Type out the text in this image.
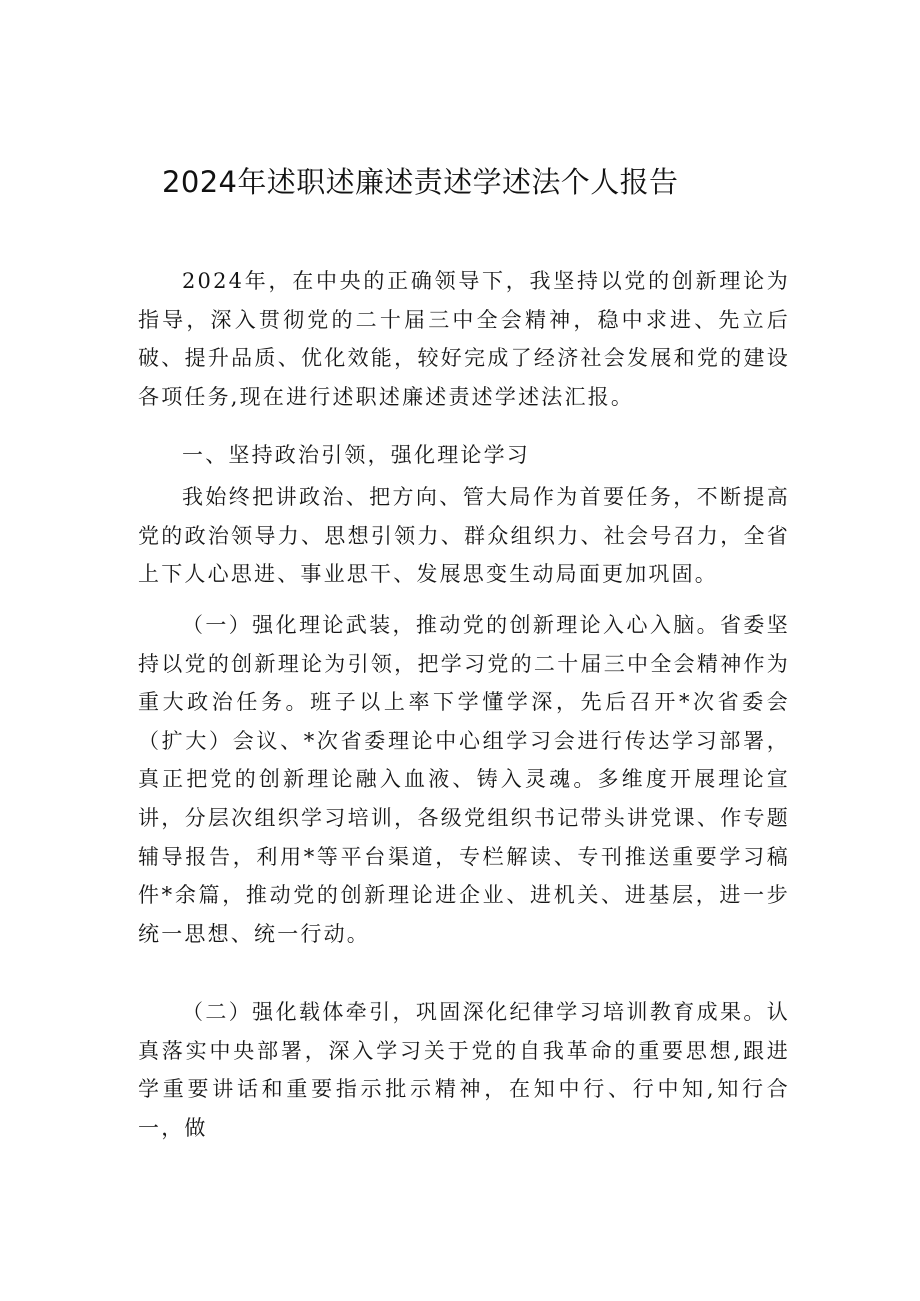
2024年述职述廉述责述学述法个人报告

2024年，在中央的正确领导下，我坚持以党的创新理论为指导，深入贯彻党的二十届三中全会精神，稳中求进、先立后破、提升品质、优化效能，较好完成了经济社会发展和党的建设各项任务,现在进行述职述廉述责述学述法汇报。

一、坚持政治引领，强化理论学习

我始终把讲政治、把方向、管大局作为首要任务，不断提高党的政治领导力、思想引领力、群众组织力、社会号召力，全省上下人心思进、事业思干、发展思变生动局面更加巩固。

（一）强化理论武装，推动党的创新理论入心入脑。省委坚持以党的创新理论为引领，把学习党的二十届三中全会精神作为重大政治任务。班子以上率下学懂学深，先后召开*次省委会（扩大）会议、*次省委理论中心组学习会进行传达学习部署，真正把党的创新理论融入血液、铸入灵魂。多维度开展理论宣讲，分层次组织学习培训，各级党组织书记带头讲党课、作专题辅导报告，利用*等平台渠道，专栏解读、专刊推送重要学习稿件*余篇，推动党的创新理论进企业、进机关、进基层，进一步统一思想、统一行动。

（二）强化载体牵引，巩固深化纪律学习培训教育成果。认真落实中央部署，深入学习关于党的自我革命的重要思想,跟进学重要讲话和重要指示批示精神，在知中行、行中知,知行合一，做
